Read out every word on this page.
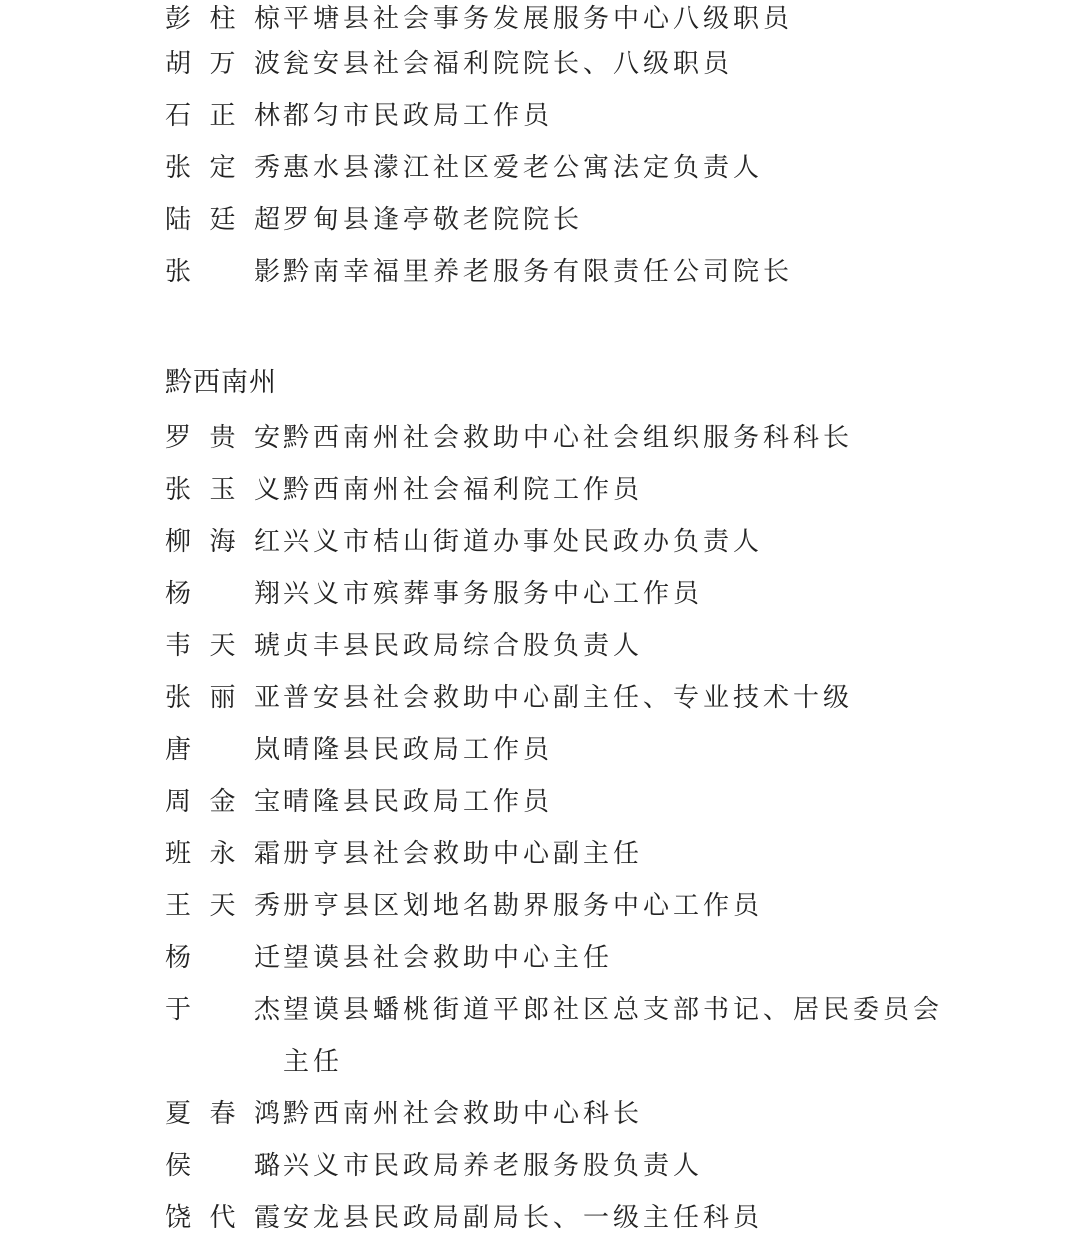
彭柱椋 平塘县社会事务发展服务中心八级职员
胡万波 瓮安县社会福利院院长、八级职员
石正林 都匀市民政局工作员
张定秀 惠水县濛江社区爱老公寓法定负责人
陆廷超 罗甸县逢亭敬老院院长
张　影 黔南幸福里养老服务有限责任公司院长
黔西南州
罗贵安 黔西南州社会救助中心社会组织服务科科长
张玉义 黔西南州社会福利院工作员
柳海红 兴义市桔山街道办事处民政办负责人
杨　翔 兴义市殡葬事务服务中心工作员
韦天琥 贞丰县民政局综合股负责人
张丽亚 普安县社会救助中心副主任、专业技术十级
唐　岚 晴隆县民政局工作员
周金宝 晴隆县民政局工作员
班永霜 册亨县社会救助中心副主任
王天秀 册亨县区划地名勘界服务中心工作员
杨　迁 望谟县社会救助中心主任
于　杰 望谟县蟠桃街道平郎社区总支部书记、居民委员会主任
夏春鸿 黔西南州社会救助中心科长
侯　璐 兴义市民政局养老服务股负责人
饶代霞 安龙县民政局副局长、一级主任科员
